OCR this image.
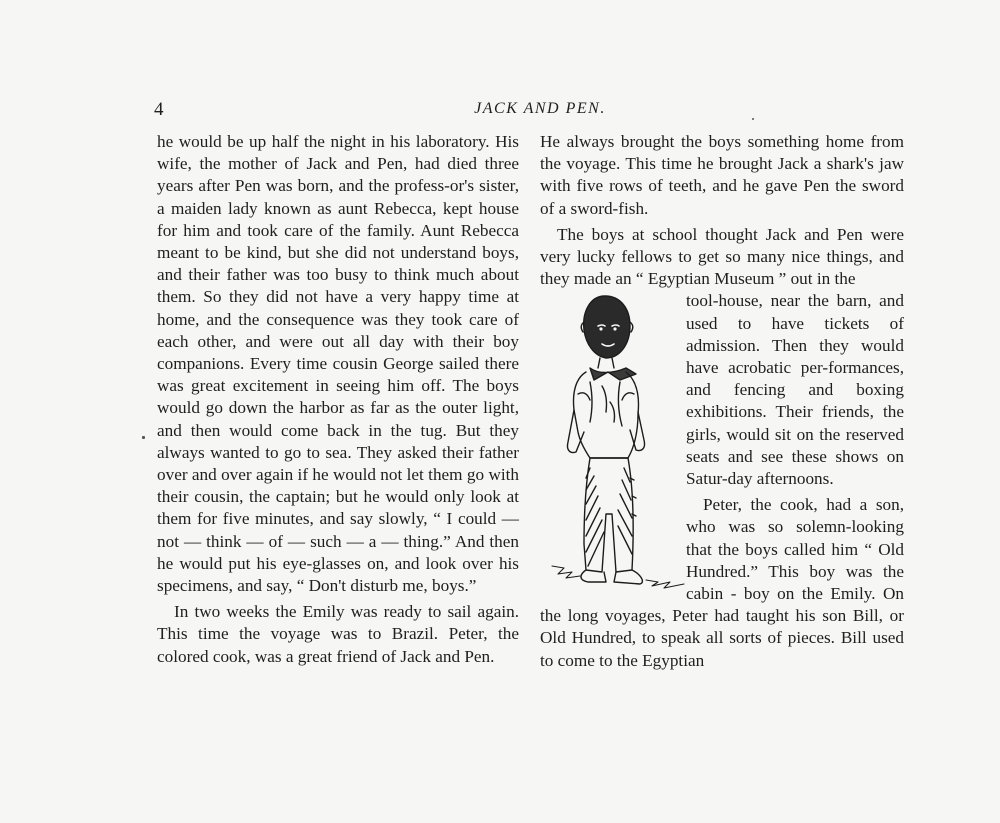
4	JACK AND PEN.

he would be up half the night in his laboratory. His wife, the mother of Jack and Pen, had died three years after Pen was born, and the profess-or's sister, a maiden lady known as aunt Rebecca, kept house for him and took care of the family. Aunt Rebecca meant to be kind, but she did not understand boys, and their father was too busy to think much about them. So they did not have a very happy time at home, and the consequence was they took care of each other, and were out all day with their boy companions. Every time cousin George sailed there was great excitement in seeing him off. The boys would go down the harbor as far as the outer light, and then would come back in the tug. But they always wanted to go to sea. They asked their father over and over again if he would not let them go with their cousin, the captain; but he would only look at them for five minutes, and say slowly, “ I could — not — think — of — such — a — thing.” And then he would put his eye-glasses on, and look over his specimens, and say, “ Don't disturb me, boys.”

In two weeks the Emily was ready to sail again. This time the voyage was to Brazil. Peter, the colored cook, was a great friend of Jack and Pen.

He always brought the boys something home from the voyage. This time he brought Jack a shark's jaw with five rows of teeth, and he gave Pen the sword of a sword-fish.

The boys at school thought Jack and Pen were very lucky fellows to get so many nice things, and they made an “ Egyptian Museum ” out in the

tool-house, near the barn, and used to have tickets of admission. Then they would have acrobatic per-formances, and fencing and boxing exhibitions. Their friends, the girls, would sit on the reserved seats and see these shows on Satur-day afternoons.

Peter, the cook, had a son, who was so solemn-looking that the boys called him “ Old Hundred.” This boy was the cabin - boy on the Emily. On the long voyages, Peter had taught his son Bill, or Old Hundred, to speak all sorts of pieces. Bill used to come to the Egyptian
